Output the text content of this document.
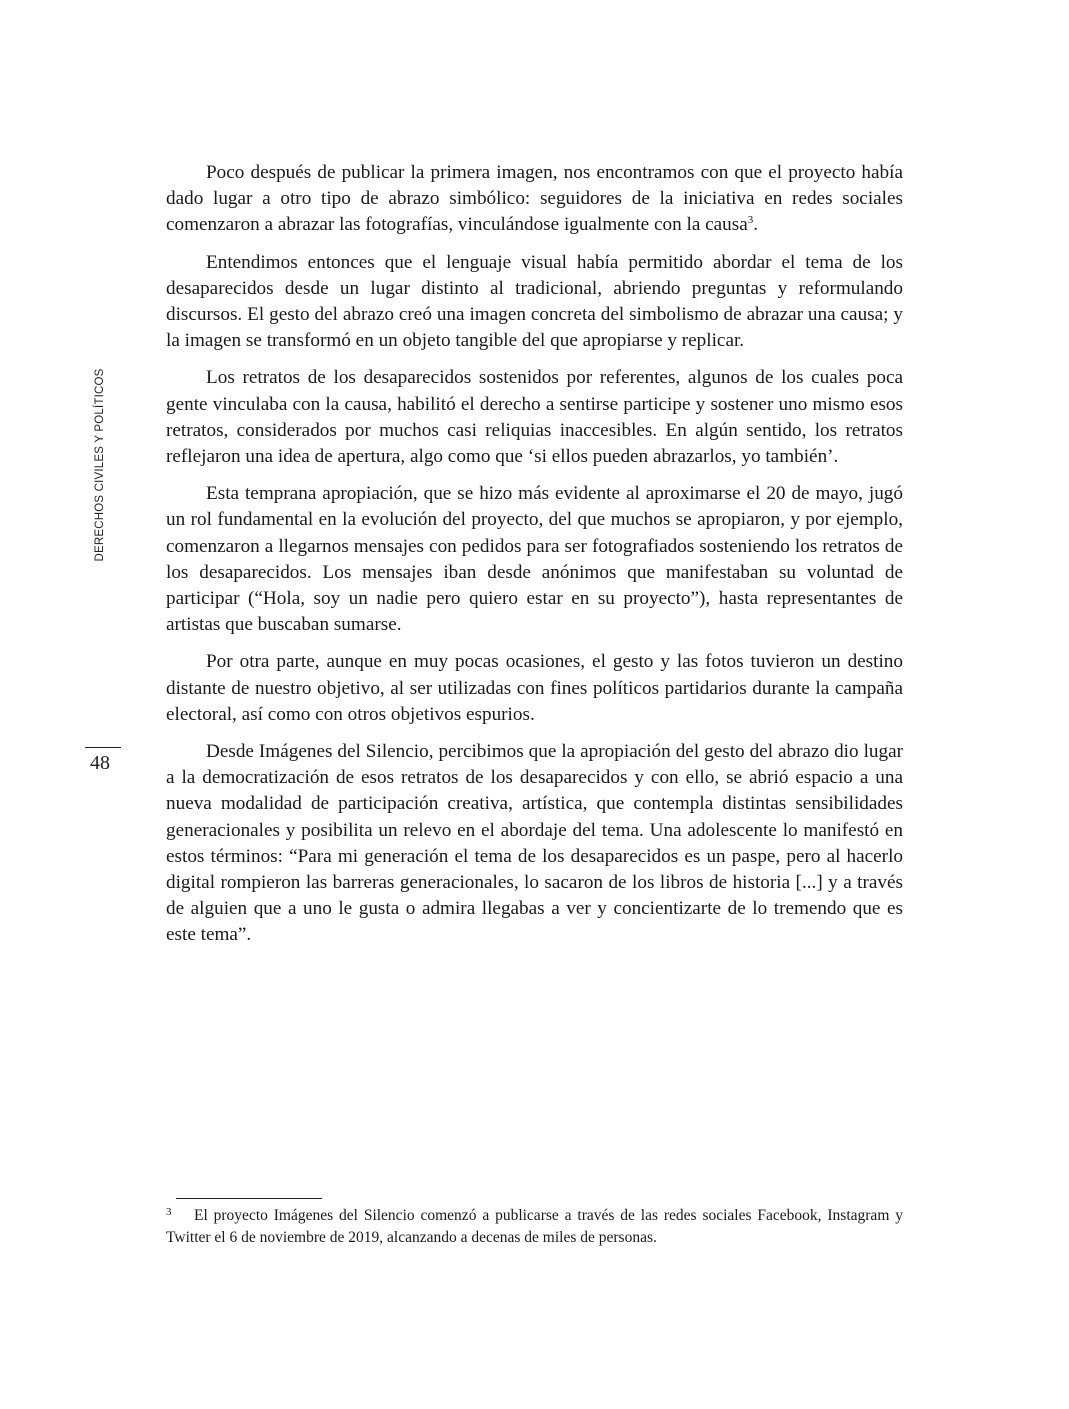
DERECHOS CIVILES Y POLÍTICOS
48

Poco después de publicar la primera imagen, nos encontramos con que el proyecto había dado lugar a otro tipo de abrazo simbólico: seguidores de la iniciativa en redes sociales comenzaron a abrazar las fotografías, vinculándose igualmente con la causa$^3$.

Entendimos entonces que el lenguaje visual había permitido abordar el tema de los desaparecidos desde un lugar distinto al tradicional, abriendo preguntas y reformulando discursos. El gesto del abrazo creó una imagen concreta del simbolismo de abrazar una causa; y la imagen se transformó en un objeto tangible del que apropiarse y replicar.

Los retratos de los desaparecidos sostenidos por referentes, algunos de los cuales poca gente vinculaba con la causa, habilitó el derecho a sentirse participe y sostener uno mismo esos retratos, considerados por muchos casi reliquias inaccesibles. En algún sentido, los retratos reflejaron una idea de apertura, algo como que ‘si ellos pueden abrazarlos, yo también’.

Esta temprana apropiación, que se hizo más evidente al aproximarse el 20 de mayo, jugó un rol fundamental en la evolución del proyecto, del que muchos se apropiaron, y por ejemplo, comenzaron a llegarnos mensajes con pedidos para ser fotografiados sosteniendo los retratos de los desaparecidos. Los mensajes iban desde anónimos que manifestaban su voluntad de participar (“Hola, soy un nadie pero quiero estar en su proyecto”), hasta representantes de artistas que buscaban sumarse.

Por otra parte, aunque en muy pocas ocasiones, el gesto y las fotos tuvieron un destino distante de nuestro objetivo, al ser utilizadas con fines políticos partidarios durante la campaña electoral, así como con otros objetivos espurios.

Desde Imágenes del Silencio, percibimos que la apropiación del gesto del abrazo dio lugar a la democratización de esos retratos de los desaparecidos y con ello, se abrió espacio a una nueva modalidad de participación creativa, artística, que contempla distintas sensibilidades generacionales y posibilita un relevo en el abordaje del tema. Una adolescente lo manifestó en estos términos: “Para mi generación el tema de los desaparecidos es un paspe, pero al hacerlo digital rompieron las barreras generacionales, lo sacaron de los libros de historia [...] y a través de alguien que a uno le gusta o admira llegabas a ver y concientizarte de lo tremendo que es este tema”.

3 El proyecto Imágenes del Silencio comenzó a publicarse a través de las redes sociales Facebook, Instagram y Twitter el 6 de noviembre de 2019, alcanzando a decenas de miles de personas.
